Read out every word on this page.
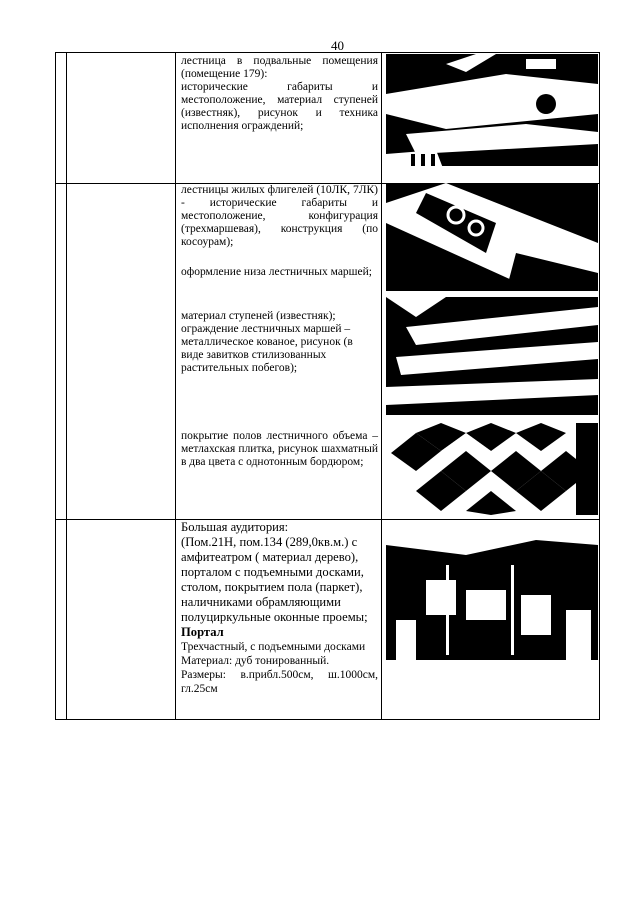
40

лестница в подвальные помещения (помещение 179):

исторические габариты и местоположение, материал ступеней (известняк), рисунок и техника исполнения ограждений;

лестницы жилых флигелей (10ЛК, 7ЛК) - исторические габариты и местоположение, конфигурация (трехмаршевая), конструкция (по косоурам);
оформление низа лестничных маршей;
материал ступеней (известняк); ограждение лестничных маршей – металлическое кованое, рисунок (в виде завитков стилизованных растительных побегов);
покрытие полов лестничного объема – метлахская плитка, рисунок шахматный в два цвета с однотонным бордюром;

Большая аудитория:

(Пом.21Н, пом.134 (289,0кв.м.) с амфитеатром ( материал дерево), порталом с подъемными досками, столом, покрытием пола (паркет), наличниками обрамляющими полуциркульные оконные проемы;

Портал

Трехчастный, с подъемными досками

Материал: дуб тонированный.

Размеры: в.прибл.500см, ш.1000см, гл.25см
